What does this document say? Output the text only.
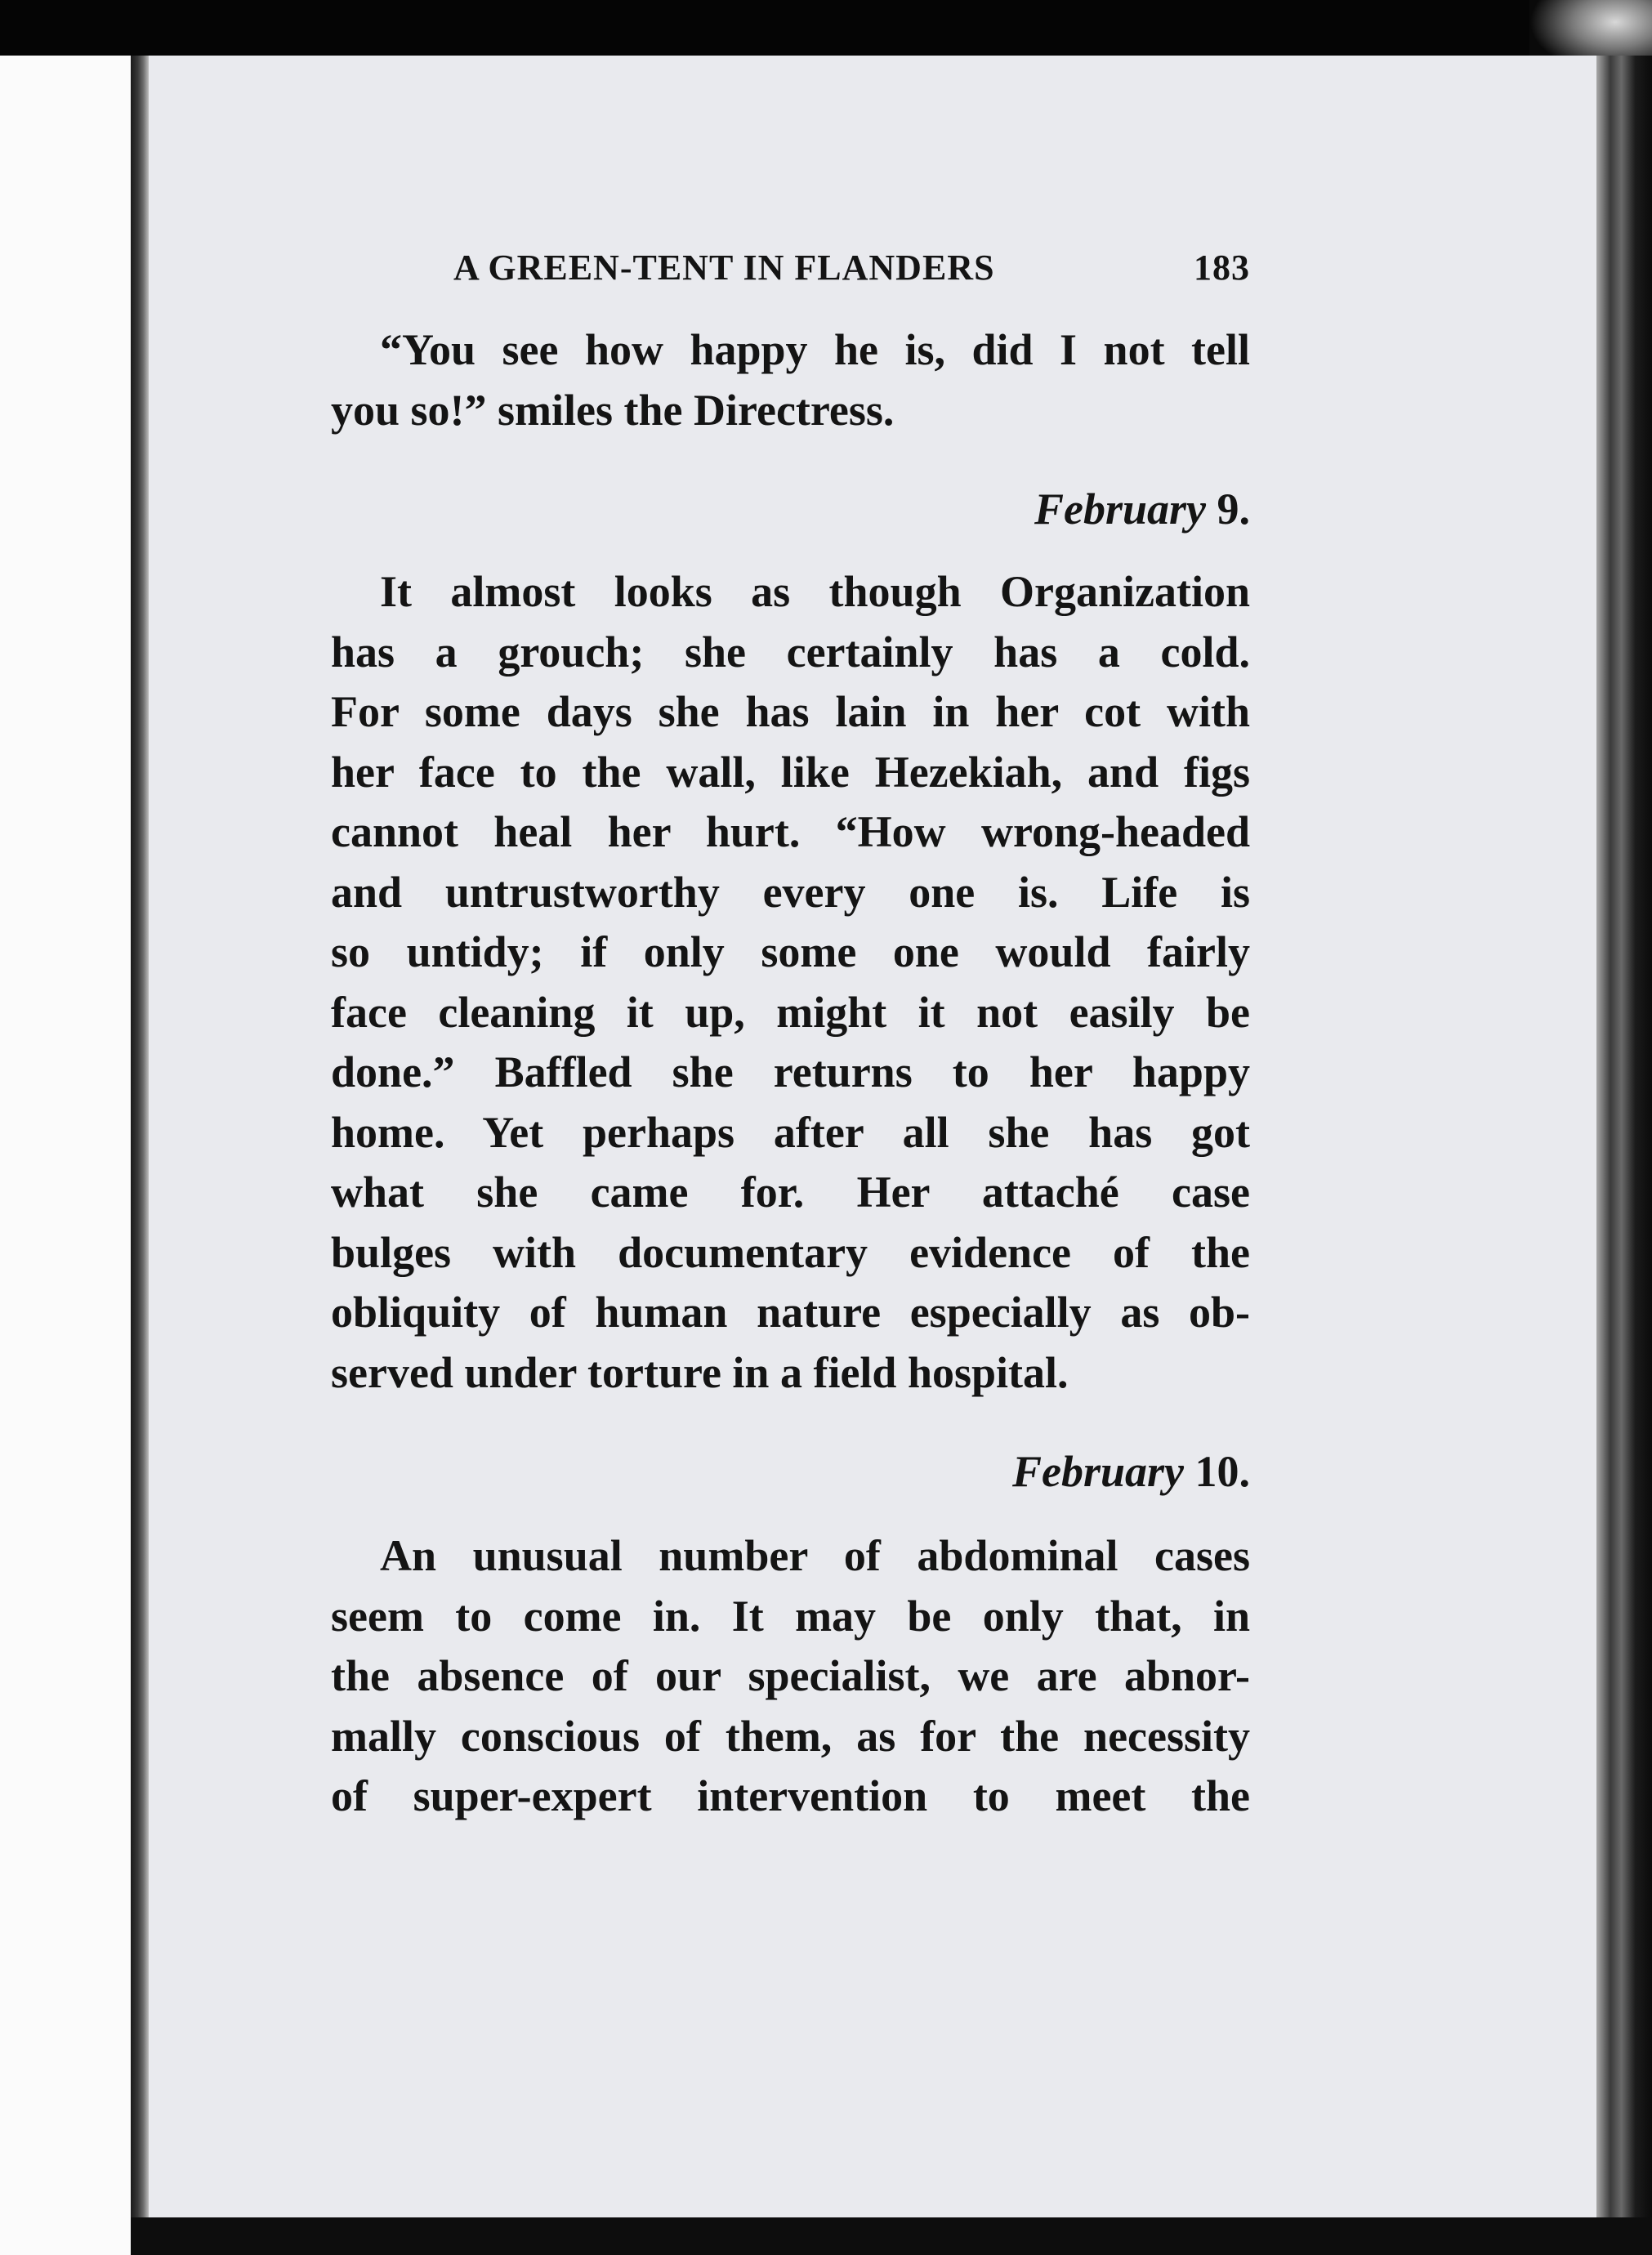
A GREEN-TENT IN FLANDERS	183
“You see how happy he is, did I not tell
you so!” smiles the Directress.
February 9.
It almost looks as though Organization
has a grouch; she certainly has a cold.
For some days she has lain in her cot with
her face to the wall, like Hezekiah, and figs
cannot heal her hurt. “How wrong-headed
and untrustworthy every one is. Life is
so untidy; if only some one would fairly
face cleaning it up, might it not easily be
done.” Baffled she returns to her happy
home. Yet perhaps after all she has got
what she came for. Her attaché case
bulges with documentary evidence of the
obliquity of human nature especially as ob-
served under torture in a field hospital.
February 10.
An unusual number of abdominal cases
seem to come in. It may be only that, in
the absence of our specialist, we are abnor-
mally conscious of them, as for the necessity
of super-expert intervention to meet the
